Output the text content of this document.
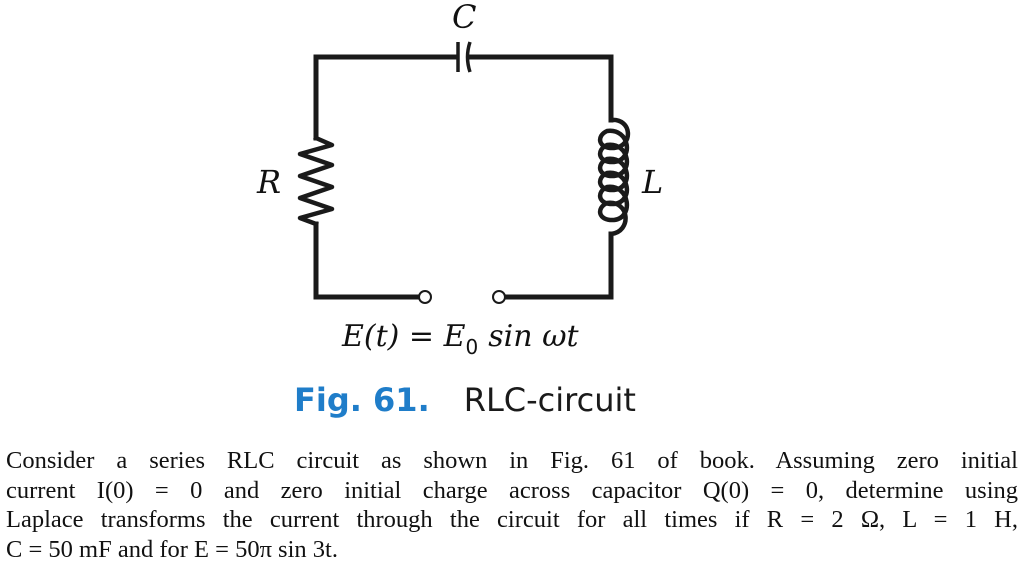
C
R	L
$E(t) = E_0$ sin ωt
Fig. 61. RLC-circuit
Consider a series RLC circuit as shown in Fig. 61 of book. Assuming zero initial
current I(0) = 0 and zero initial charge across capacitor Q(0) = 0, determine using
Laplace transforms the current through the circuit for all times if R = 2 Ω, L = 1 H,
C = 50 mF and for E = 50π sin 3t.
